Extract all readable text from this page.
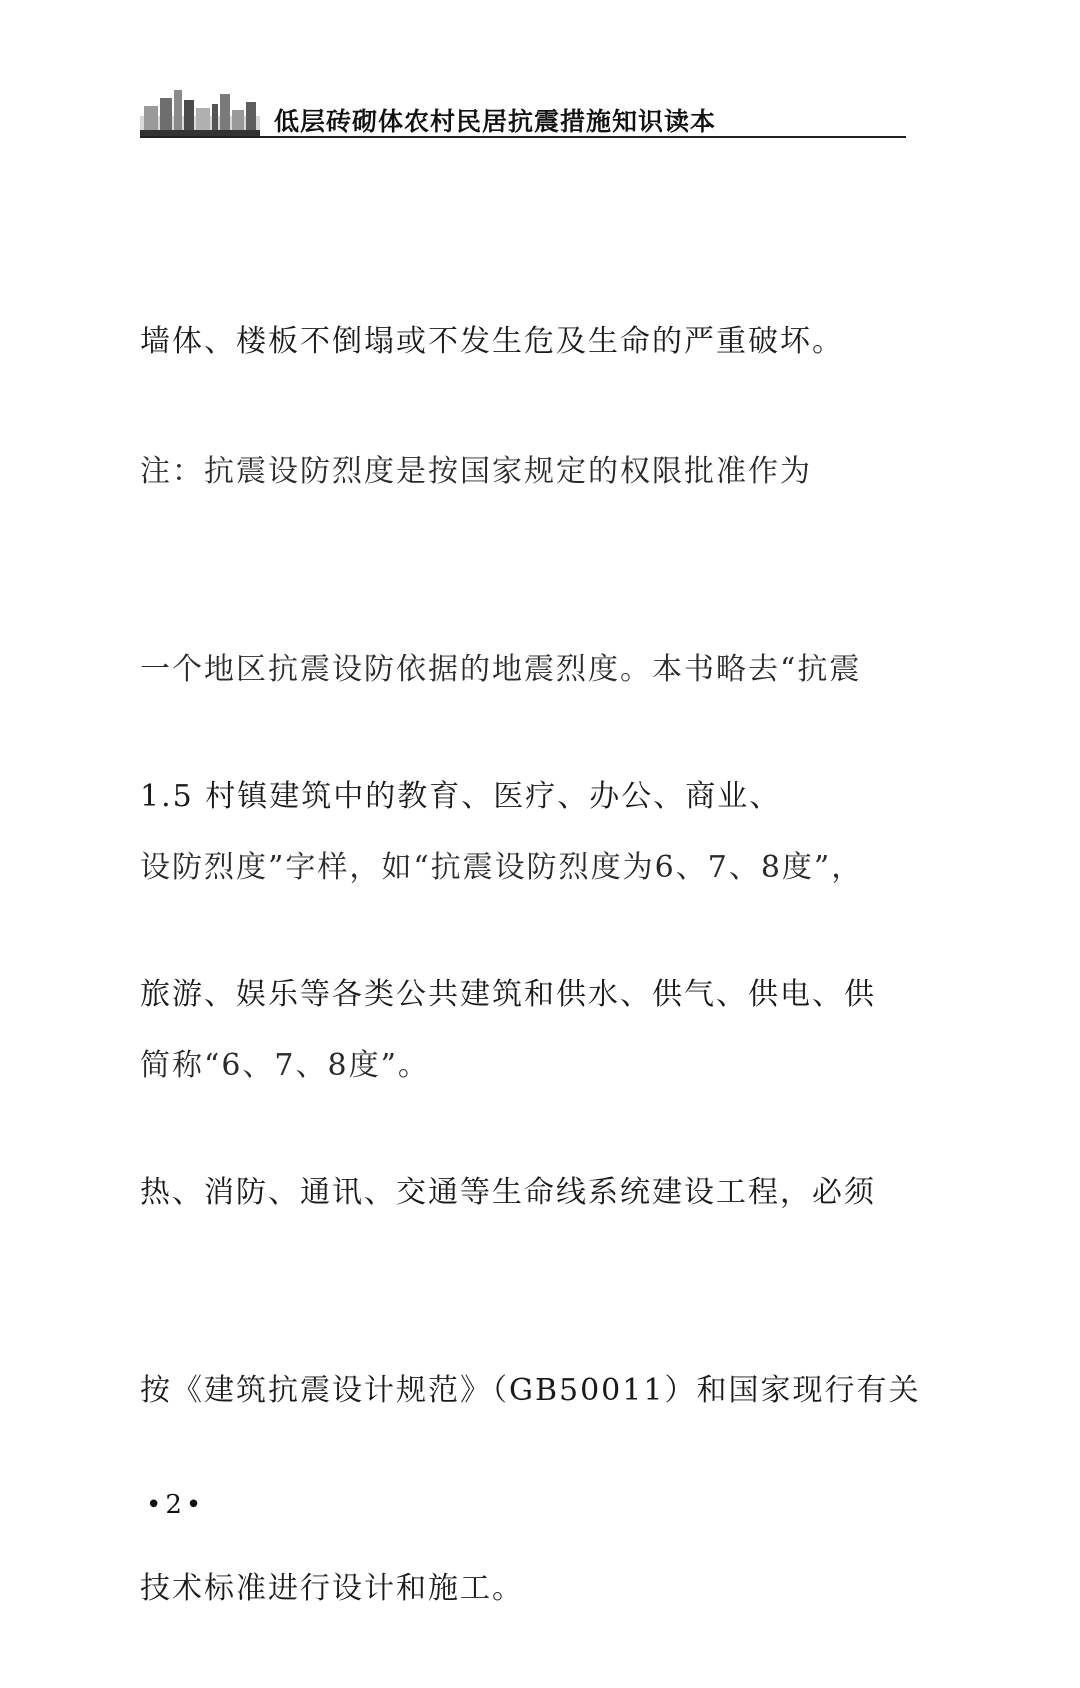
低层砖砌体农村民居抗震措施知识读本

墙体、楼板不倒塌或不发生危及生命的严重破坏。

注：抗震设防烈度是按国家规定的权限批准作为

一个地区抗震设防依据的地震烈度。本书略去“抗震

设防烈度”字样，如“抗震设防烈度为6、7、8度”，

简称“6、7、8度”。

1.5 村镇建筑中的教育、医疗、办公、商业、

旅游、娱乐等各类公共建筑和供水、供气、供电、供

热、消防、通讯、交通等生命线系统建设工程，必须

按《建筑抗震设计规范》（GB50011）和国家现行有关

技术标准进行设计和施工。

•2•
